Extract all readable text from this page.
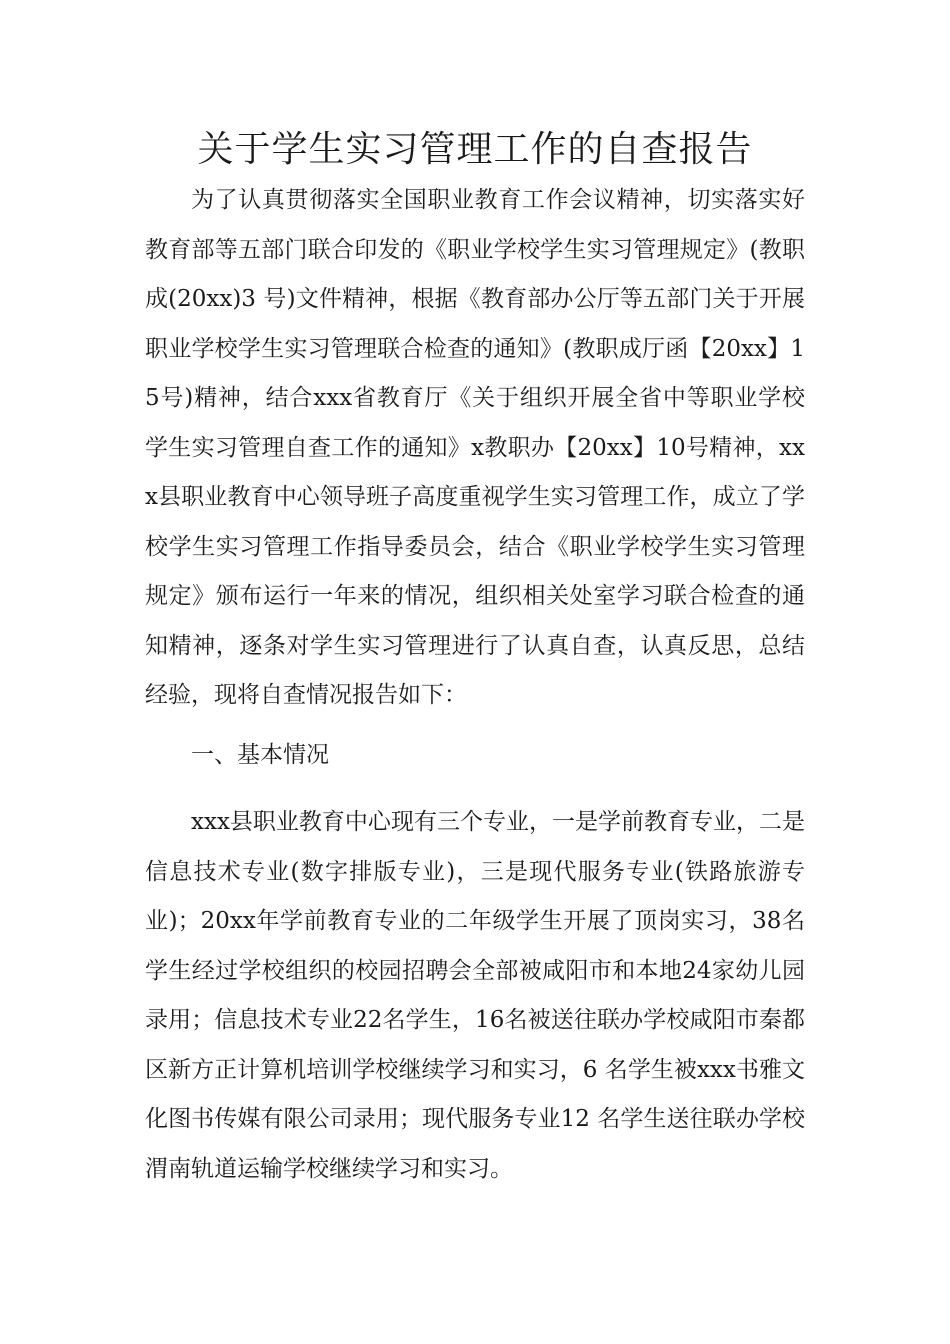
关于学生实习管理工作的自查报告

为了认真贯彻落实全国职业教育工作会议精神，切实落实好教育部等五部门联合印发的《职业学校学生实习管理规定》(教职成(20xx)3 号)文件精神，根据《教育部办公厅等五部门关于开展职业学校学生实习管理联合检查的通知》(教职成厅函【20xx】15号)精神，结合xxx省教育厅《关于组织开展全省中等职业学校学生实习管理自查工作的通知》x教职办【20xx】10号精神，xxx县职业教育中心领导班子高度重视学生实习管理工作，成立了学校学生实习管理工作指导委员会，结合《职业学校学生实习管理规定》颁布运行一年来的情况，组织相关处室学习联合检查的通知精神，逐条对学生实习管理进行了认真自查，认真反思，总结经验，现将自查情况报告如下：

一、基本情况

xxx县职业教育中心现有三个专业，一是学前教育专业，二是信息技术专业(数字排版专业)，三是现代服务专业(铁路旅游专业)；20xx年学前教育专业的二年级学生开展了顶岗实习，38名学生经过学校组织的校园招聘会全部被咸阳市和本地24家幼儿园录用；信息技术专业22名学生，16名被送往联办学校咸阳市秦都区新方正计算机培训学校继续学习和实习，6 名学生被xxx书雅文化图书传媒有限公司录用；现代服务专业12 名学生送往联办学校渭南轨道运输学校继续学习和实习。
